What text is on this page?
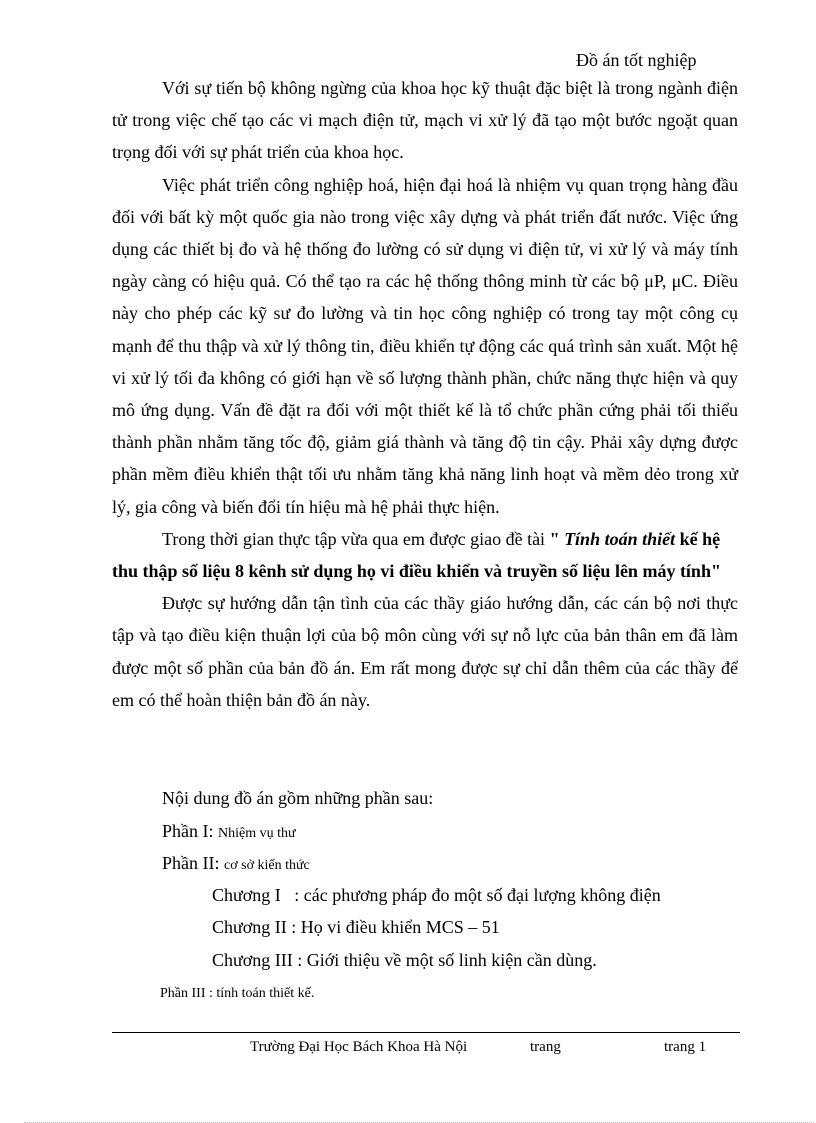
Đồ án tốt nghiệp

Với sự tiến bộ không ngừng của khoa học kỹ thuật đặc biệt là trong ngành điện tử trong việc chế tạo các vi mạch điện tử, mạch vi xử lý đã tạo một bước ngoặt quan trọng đối với sự phát triển của khoa học.

Việc phát triển công nghiệp hoá, hiện đại hoá là nhiệm vụ quan trọng hàng đầu đối với bất kỳ một quốc gia nào trong việc xây dựng và phát triển đất nước. Việc ứng dụng các thiết bị đo và hệ thống đo lường có sử dụng vi điện tử, vi xử lý và máy tính ngày càng có hiệu quả. Có thể tạo ra các hệ thống thông minh từ các bộ μP, μC. Điều này cho phép các kỹ sư đo lường và tin học công nghiệp có trong tay một công cụ mạnh để thu thập và xử lý thông tin, điều khiển tự động các quá trình sản xuất. Một hệ vi xử lý tối đa không có giới hạn về số lượng thành phần, chức năng thực hiện và quy mô ứng dụng. Vấn đề đặt ra đối với một thiết kế là tổ chức phần cứng phải tối thiểu thành phần nhằm tăng tốc độ, giảm giá thành và tăng độ tin cậy. Phải xây dựng được phần mềm điều khiển thật tối ưu nhằm tăng khả năng linh hoạt và mềm dẻo trong xử lý, gia công và biến đổi tín hiệu mà hệ phải thực hiện.

Trong thời gian thực tập vừa qua em được giao đề tài " Tính toán thiết kế hệ thu thập số liệu 8 kênh sử dụng họ vi điều khiển và truyền số liệu lên máy tính"

Được sự hướng dẫn tận tình của các thầy giáo hướng dẫn, các cán bộ nơi thực tập và tạo điều kiện thuận lợi của bộ môn cùng với sự nỗ lực của bản thân em đã làm được một số phần của bản đồ án. Em rất mong được sự chỉ dẫn thêm của các thầy để em có thể hoàn thiện bản đồ án này.

Nội dung đồ án gồm những phần sau:
Phần I: Nhiệm vụ thư
Phần II: cơ sở kiến thức
Chương I   : các phương pháp đo một số đại lượng không điện
Chương II : Họ vi điều khiển MCS – 51
Chương III : Giới thiệu về một số linh kiện cần dùng.
Phần III : tính toán thiết kế.
Trường Đại Học Bách Khoa Hà Nội	trang	trang 1
